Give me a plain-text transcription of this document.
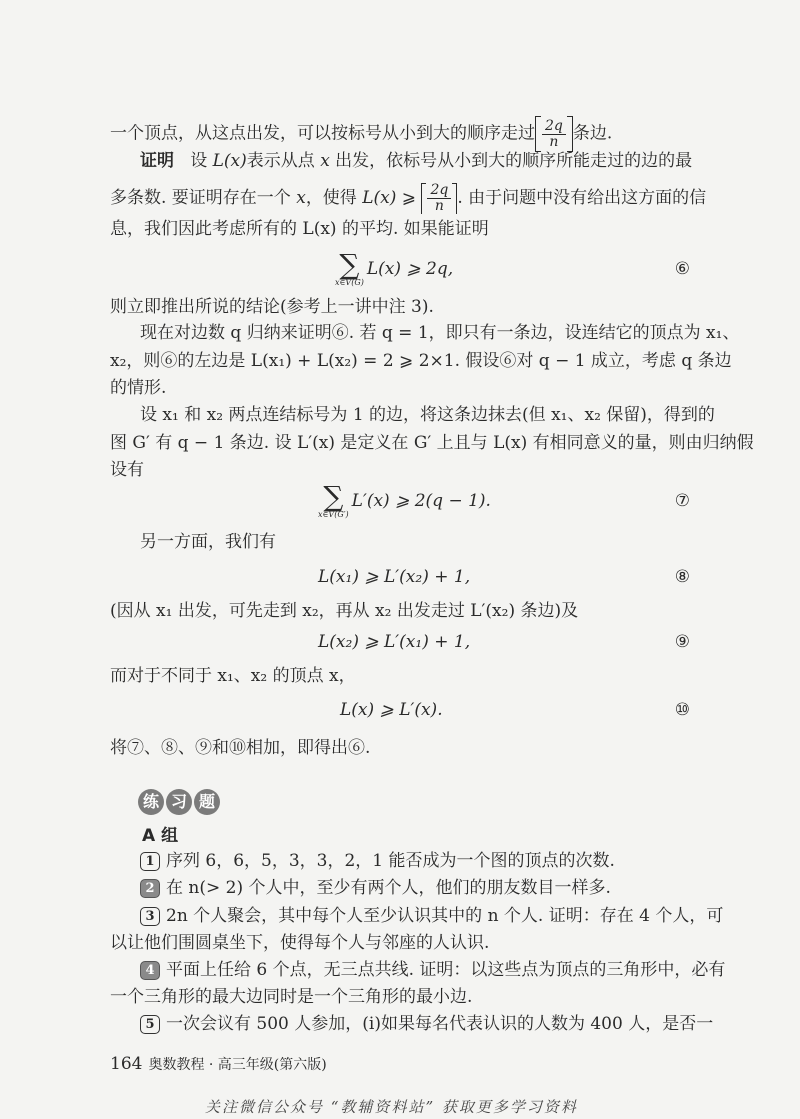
一个顶点，从这点出发，可以按标号从小到大的顺序走过 $\frac{2q}{n}$ 条边.
证明 设 L(x)表示从点 x 出发，依标号从小到大的顺序所能走过的边的最
多条数. 要证明存在一个 x，使得 L(x) ⩾ $\frac{2q}{n}$ . 由于问题中没有给出这方面的信
息，我们因此考虑所有的 L(x) 的平均. 如果能证明
∑
x∈V(G)
L(x) ⩾ 2q,	⑥
则立即推出所说的结论(参考上一讲中注 3).
现在对边数 q 归纳来证明⑥. 若 q = 1，即只有一条边，设连结它的顶点为 x₁、
x₂，则⑥的左边是 L(x₁) + L(x₂) = 2 ⩾ 2×1. 假设⑥对 q − 1 成立，考虑 q 条边
的情形.
设 x₁ 和 x₂ 两点连结标号为 1 的边，将这条边抹去(但 x₁、x₂ 保留)，得到的
图 G′ 有 q − 1 条边. 设 L′(x) 是定义在 G′ 上且与 L(x) 有相同意义的量，则由归纳假
设有
∑
x∈V(G′)
L′(x) ⩾ 2(q − 1).	⑦
另一方面，我们有
L(x₁) ⩾ L′(x₂) + 1,	⑧
(因从 x₁ 出发，可先走到 x₂，再从 x₂ 出发走过 L′(x₂) 条边)及
L(x₂) ⩾ L′(x₁) + 1,	⑨
而对于不同于 x₁、x₂ 的顶点 x，
L(x) ⩾ L′(x).	⑩
将⑦、⑧、⑨和⑩相加，即得出⑥.
练 习 题
A 组
1 序列 6，6，5，3，3，2，1 能否成为一个图的顶点的次数.
2 在 n(> 2) 个人中，至少有两个人，他们的朋友数目一样多.
3 2n 个人聚会，其中每个人至少认识其中的 n 个人. 证明：存在 4 个人，可
以让他们围圆桌坐下，使得每个人与邻座的人认识.
4 平面上任给 6 个点，无三点共线. 证明：以这些点为顶点的三角形中，必有
一个三角形的最大边同时是一个三角形的最小边.
5 一次会议有 500 人参加，(i)如果每名代表认识的人数为 400 人，是否一
164 奥数教程 · 高三年级(第六版)
关注微信公众号 “教辅资料站” 获取更多学习资料
